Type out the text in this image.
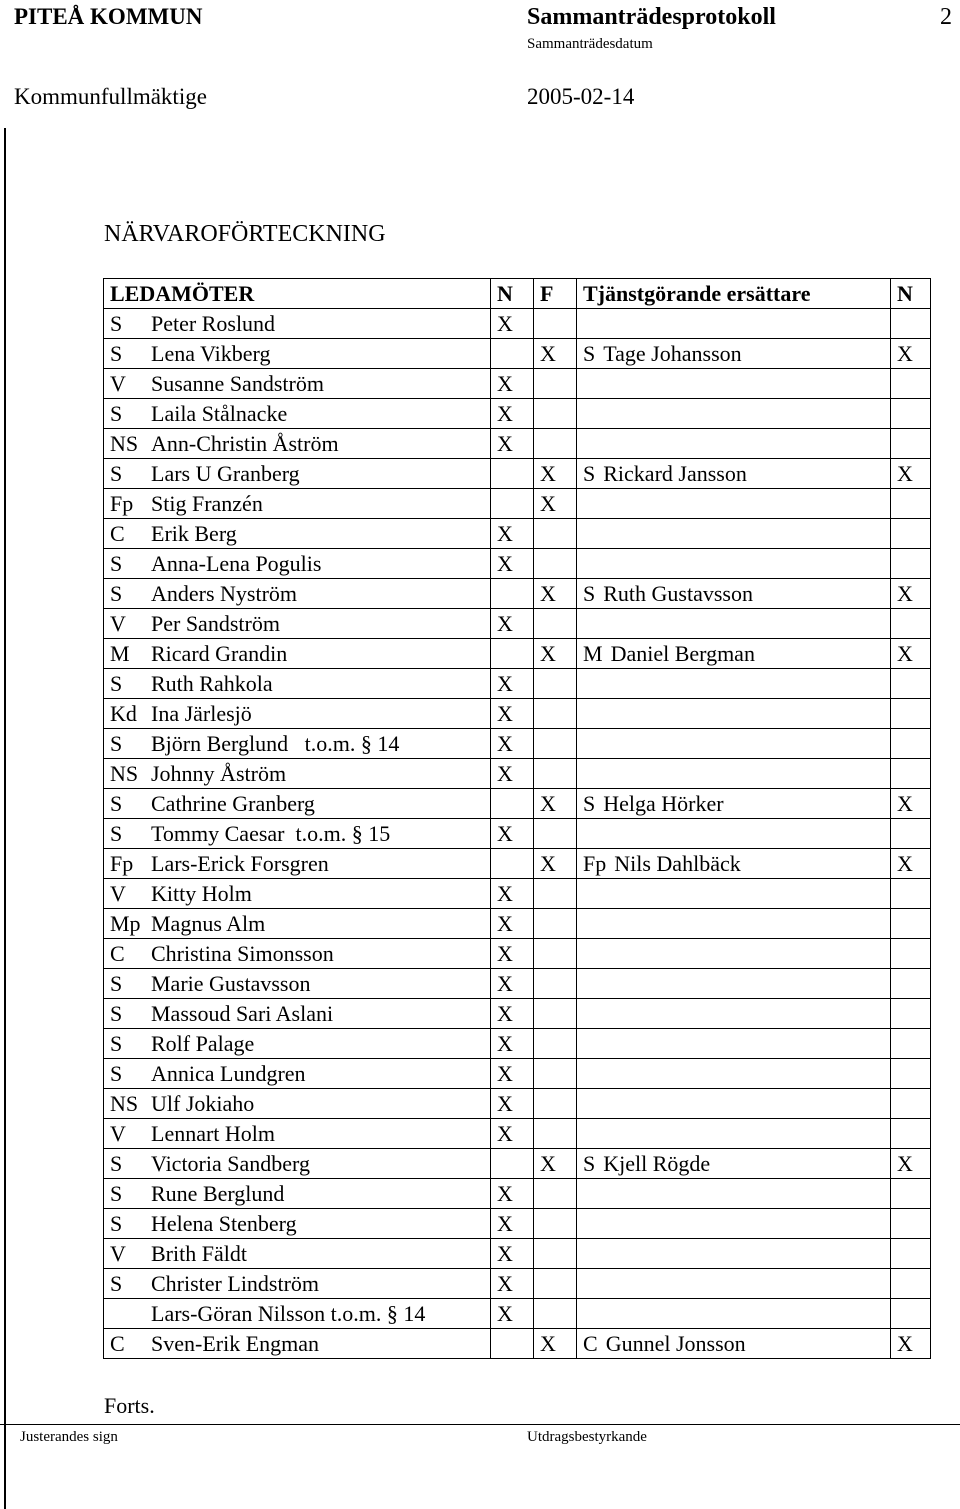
PITEÅ KOMMUN	Sammanträdesprotokoll	2
Sammanträdesdatum
Kommunfullmäktige	2005-02-14
NÄRVAROFÖRTECKNING
LEDAMÖTER	N	F	Tjänstgörande ersättare	N
S Peter Roslund	X			
S Lena Vikberg		X	S Tage Johansson	X
V Susanne Sandström	X			
S Laila Stålnacke	X			
NS Ann-Christin Åström	X			
S Lars U Granberg		X	S Rickard Jansson	X
Fp Stig Franzén		X		
C Erik Berg	X			
S Anna-Lena Pogulis	X			
S Anders Nyström		X	S Ruth Gustavsson	X
V Per Sandström	X			
M Ricard Grandin		X	M Daniel Bergman	X
S Ruth Rahkola	X			
Kd Ina Järlesjö	X			
S Björn Berglund   t.o.m. § 14	X			
NS Johnny Åström	X			
S Cathrine Granberg		X	S Helga Hörker	X
S Tommy Caesar  t.o.m. § 15	X			
Fp Lars-Erick Forsgren		X	Fp Nils Dahlbäck	X
V Kitty Holm	X			
Mp Magnus Alm	X			
C Christina Simonsson	X			
S Marie Gustavsson	X			
S Massoud Sari Aslani	X			
S Rolf Palage	X			
S Annica Lundgren	X			
NS Ulf Jokiaho	X			
V Lennart Holm	X			
S Victoria Sandberg		X	S Kjell Rögde	X
S Rune Berglund	X			
S Helena Stenberg	X			
V Brith Fäldt	X			
S Christer Lindström	X			
Lars-Göran Nilsson t.o.m. § 14	X			
C Sven-Erik Engman		X	C Gunnel Jonsson	X
Forts.
Justerandes sign	Utdragsbestyrkande
